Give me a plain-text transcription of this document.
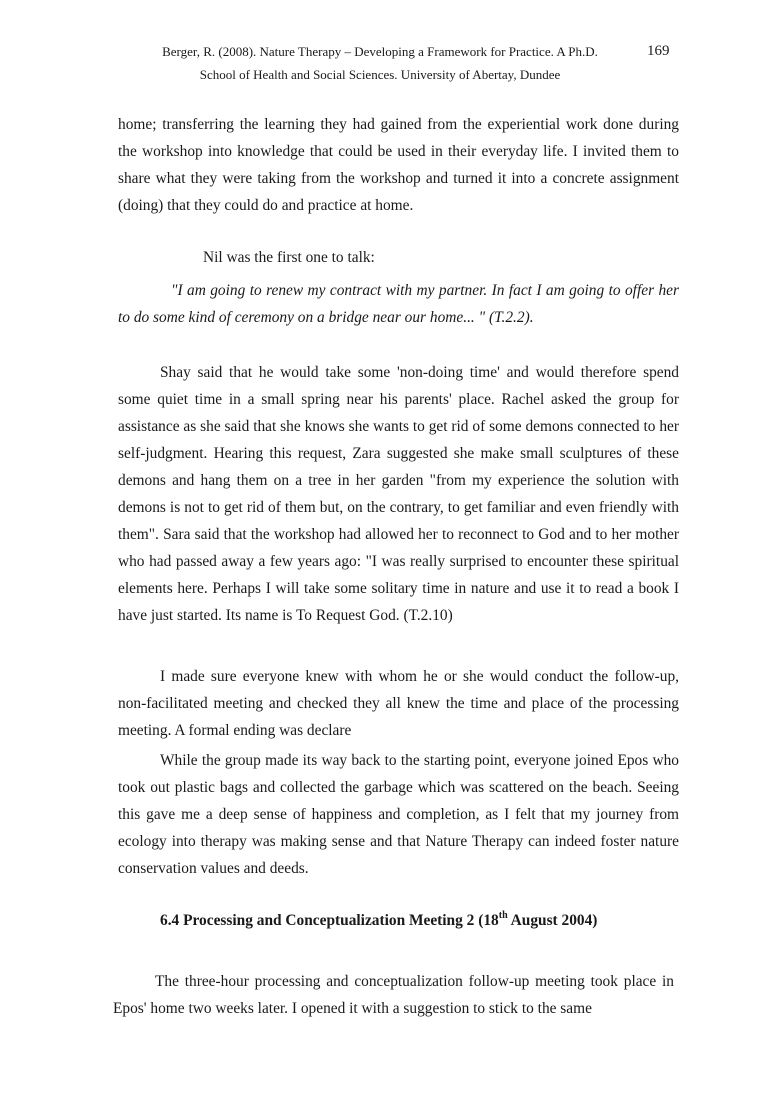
Berger, R. (2008). Nature Therapy – Developing a Framework for Practice. A Ph.D.
School of Health and Social Sciences. University of Abertay, Dundee
169

home; transferring the learning they had gained from the experiential work done during the workshop into knowledge that could be used in their everyday life. I invited them to share what they were taking from the workshop and turned it into a concrete assignment (doing) that they could do and practice at home.

Nil was the first one to talk:
"I am going to renew my contract with my partner. In fact I am going to offer her to do some kind of ceremony on a bridge near our home... " (T.2.2).

Shay said that he would take some 'non-doing time' and would therefore spend some quiet time in a small spring near his parents' place. Rachel asked the group for assistance as she said that she knows she wants to get rid of some demons connected to her self-judgment. Hearing this request, Zara suggested she make small sculptures of these demons and hang them on a tree in her garden "from my experience the solution with demons is not to get rid of them but, on the contrary, to get familiar and even friendly with them". Sara said that the workshop had allowed her to reconnect to God and to her mother who had passed away a few years ago: "I was really surprised to encounter these spiritual elements here. Perhaps I will take some solitary time in nature and use it to read a book I have just started. Its name is To Request God. (T.2.10)

I made sure everyone knew with whom he or she would conduct the follow-up, non-facilitated meeting and checked they all knew the time and place of the processing meeting. A formal ending was declare

While the group made its way back to the starting point, everyone joined Epos who took out plastic bags and collected the garbage which was scattered on the beach. Seeing this gave me a deep sense of happiness and completion, as I felt that my journey from ecology into therapy was making sense and that Nature Therapy can indeed foster nature conservation values and deeds.

6.4 Processing and Conceptualization Meeting 2 (18th August 2004)

The three-hour processing and conceptualization follow-up meeting took place in Epos' home two weeks later. I opened it with a suggestion to stick to the same
